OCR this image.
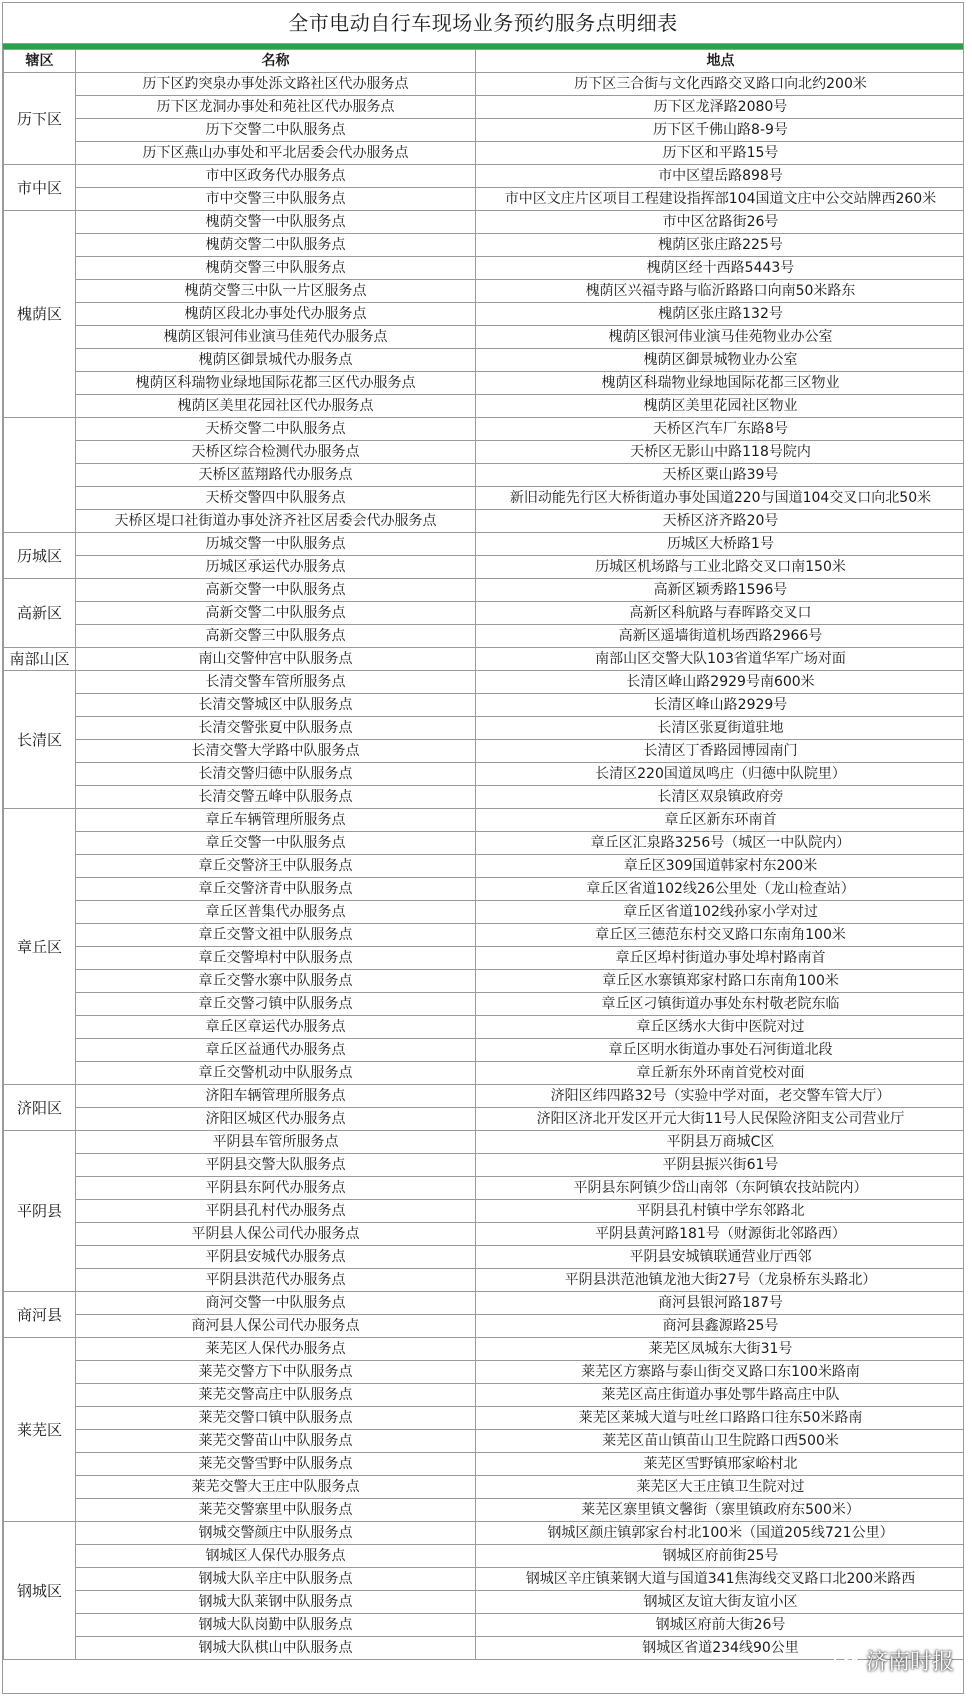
全市电动自行车现场业务预约服务点明细表
辖区	名称	地点
历下区	历下区趵突泉办事处泺文路社区代办服务点	历下区三合街与文化西路交叉路口向北约200米
	历下区龙洞办事处和苑社区代办服务点	历下区龙泽路2080号
	历下交警二中队服务点	历下区千佛山路8-9号
	历下区燕山办事处和平北居委会代办服务点	历下区和平路15号
市中区	市中区政务代办服务点	市中区望岳路898号
	市中交警三中队服务点	市中区文庄片区项目工程建设指挥部104国道文庄中公交站牌西260米
槐荫区	槐荫交警一中队服务点	市中区岔路街26号
	槐荫交警二中队服务点	槐荫区张庄路225号
	槐荫交警三中队服务点	槐荫区经十西路5443号
	槐荫交警三中队一片区服务点	槐荫区兴福寺路与临沂路路口向南50米路东
	槐荫区段北办事处代办服务点	槐荫区张庄路132号
	槐荫区银河伟业演马佳苑代办服务点	槐荫区银河伟业演马佳苑物业办公室
	槐荫区御景城代办服务点	槐荫区御景城物业办公室
	槐荫区科瑞物业绿地国际花都三区代办服务点	槐荫区科瑞物业绿地国际花都三区物业
	槐荫区美里花园社区代办服务点	槐荫区美里花园社区物业
	天桥交警二中队服务点	天桥区汽车厂东路8号
	天桥区综合检测代办服务点	天桥区无影山中路118号院内
	天桥区蓝翔路代办服务点	天桥区粟山路39号
	天桥交警四中队服务点	新旧动能先行区大桥街道办事处国道220与国道104交叉口向北50米
	天桥区堤口社街道办事处济齐社区居委会代办服务点	天桥区济齐路20号
历城区	历城交警一中队服务点	历城区大桥路1号
	历城区承运代办服务点	历城区机场路与工业北路交叉口南150米
高新区	高新交警一中队服务点	高新区颖秀路1596号
	高新交警二中队服务点	高新区科航路与春晖路交叉口
	高新交警三中队服务点	高新区遥墙街道机场西路2966号
南部山区	南山交警仲宫中队服务点	南部山区交警大队103省道华军广场对面
长清区	长清交警车管所服务点	长清区峰山路2929号南600米
	长清交警城区中队服务点	长清区峰山路2929号
	长清交警张夏中队服务点	长清区张夏街道驻地
	长清交警大学路中队服务点	长清区丁香路园博园南门
	长清交警归德中队服务点	长清区220国道凤鸣庄（归德中队院里）
	长清交警五峰中队服务点	长清区双泉镇政府旁
章丘区	章丘车辆管理所服务点	章丘区新东环南首
	章丘交警一中队服务点	章丘区汇泉路3256号（城区一中队院内）
	章丘交警济王中队服务点	章丘区309国道韩家村东200米
	章丘交警济青中队服务点	章丘区省道102线26公里处（龙山检查站）
	章丘区普集代办服务点	章丘区省道102线孙家小学对过
	章丘交警文祖中队服务点	章丘区三德范东村交叉路口东南角100米
	章丘交警埠村中队服务点	章丘区埠村街道办事处埠村路南首
	章丘交警水寨中队服务点	章丘区水寨镇郑家村路口东南角100米
	章丘交警刁镇中队服务点	章丘区刁镇街道办事处东村敬老院东临
	章丘区章运代办服务点	章丘区绣水大街中医院对过
	章丘区益通代办服务点	章丘区明水街道办事处石河街道北段
	章丘交警机动中队服务点	章丘新东外环南首党校对面
济阳区	济阳车辆管理所服务点	济阳区纬四路32号（实验中学对面，老交警车管大厅）
	济阳区城区代办服务点	济阳区济北开发区开元大街11号人民保险济阳支公司营业厅
平阴县	平阴县车管所服务点	平阴县万商城C区
	平阴县交警大队服务点	平阴县振兴街61号
	平阴县东阿代办服务点	平阴县东阿镇少岱山南邻（东阿镇农技站院内）
	平阴县孔村代办服务点	平阴县孔村镇中学东邻路北
	平阴县人保公司代办服务点	平阴县黄河路181号（财源街北邻路西）
	平阴县安城代办服务点	平阴县安城镇联通营业厅西邻
	平阴县洪范代办服务点	平阴县洪范池镇龙池大街27号（龙泉桥东头路北）
商河县	商河交警一中队服务点	商河县银河路187号
	商河县人保公司代办服务点	商河县鑫源路25号
莱芜区	莱芜区人保代办服务点	莱芜区凤城东大街31号
	莱芜交警方下中队服务点	莱芜区方寨路与泰山街交叉路口东100米路南
	莱芜交警高庄中队服务点	莱芜区高庄街道办事处鄂牛路高庄中队
	莱芜交警口镇中队服务点	莱芜区莱城大道与吐丝口路路口往东50米路南
	莱芜交警苗山中队服务点	莱芜区苗山镇苗山卫生院路口西500米
	莱芜交警雪野中队服务点	莱芜区雪野镇邢家峪村北
	莱芜交警大王庄中队服务点	莱芜区大王庄镇卫生院对过
	莱芜交警寨里中队服务点	莱芜区寨里镇文馨街（寨里镇政府东500米）
钢城区	钢城交警颜庄中队服务点	钢城区颜庄镇郭家台村北100米（国道205线721公里）
	钢城区人保代办服务点	钢城区府前街25号
	钢城大队辛庄中队服务点	钢城区辛庄镇莱钢大道与国道341焦海线交叉路口北200米路西
	钢城大队莱钢中队服务点	钢城区友谊大街友谊小区
	钢城大队岗勤中队服务点	钢城区府前大街26号
	钢城大队棋山中队服务点	钢城区省道234线90公里
济南时报
